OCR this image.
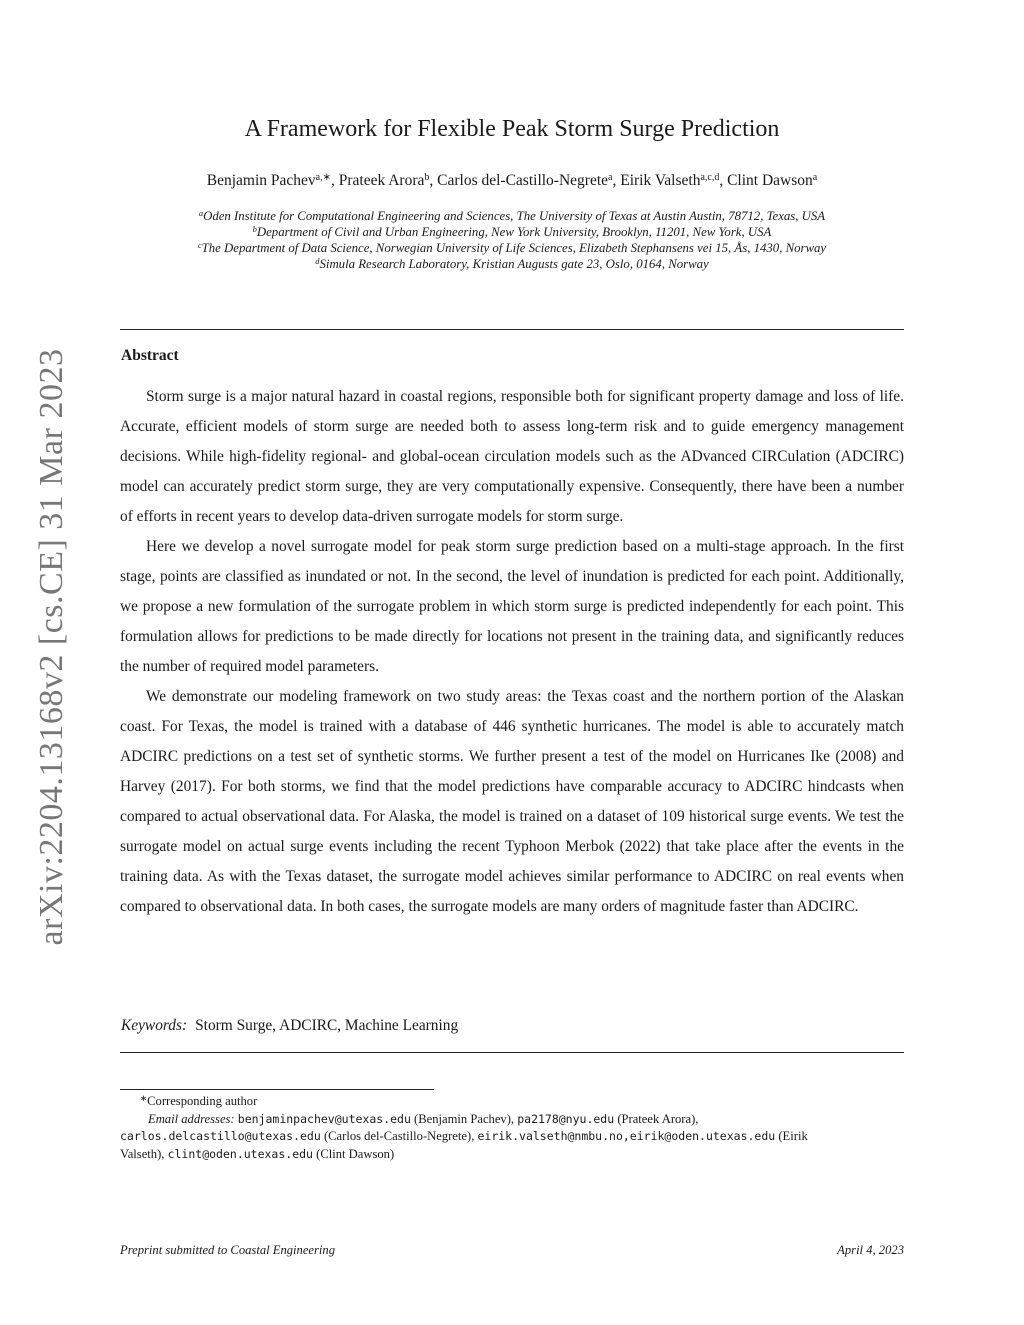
arXiv:2204.13168v2 [cs.CE] 31 Mar 2023
A Framework for Flexible Peak Storm Surge Prediction
Benjamin Pachev$^{a,∗}$, Prateek Arora$^b$, Carlos del-Castillo-Negrete$^a$, Eirik Valseth$^{a,c,d}$, Clint Dawson$^a$
$^a$Oden Institute for Computational Engineering and Sciences, The University of Texas at Austin Austin, 78712, Texas, USA
$^b$Department of Civil and Urban Engineering, New York University, Brooklyn, 11201, New York, USA
$^c$The Department of Data Science, Norwegian University of Life Sciences, Elizabeth Stephansens vei 15, Ås, 1430, Norway
$^d$Simula Research Laboratory, Kristian Augusts gate 23, Oslo, 0164, Norway
Abstract

Storm surge is a major natural hazard in coastal regions, responsible both for significant property damage and loss of life. Accurate, efficient models of storm surge are needed both to assess long-term risk and to guide emergency management decisions. While high-fidelity regional- and global-ocean circulation models such as the ADvanced CIRCulation (ADCIRC) model can accurately predict storm surge, they are very computationally expensive. Consequently, there have been a number of efforts in recent years to develop data-driven surrogate models for storm surge.

Here we develop a novel surrogate model for peak storm surge prediction based on a multi-stage approach. In the first stage, points are classified as inundated or not. In the second, the level of inundation is predicted for each point. Additionally, we propose a new formulation of the surrogate problem in which storm surge is predicted independently for each point. This formulation allows for predictions to be made directly for locations not present in the training data, and significantly reduces the number of required model parameters.

We demonstrate our modeling framework on two study areas: the Texas coast and the northern portion of the Alaskan coast. For Texas, the model is trained with a database of 446 synthetic hurricanes. The model is able to accurately match ADCIRC predictions on a test set of synthetic storms. We further present a test of the model on Hurricanes Ike (2008) and Harvey (2017). For both storms, we find that the model predictions have comparable accuracy to ADCIRC hindcasts when compared to actual observational data. For Alaska, the model is trained on a dataset of 109 historical surge events. We test the surrogate model on actual surge events including the recent Typhoon Merbok (2022) that take place after the events in the training data. As with the Texas dataset, the surrogate model achieves similar performance to ADCIRC on real events when compared to observational data. In both cases, the surrogate models are many orders of magnitude faster than ADCIRC.

Keywords: Storm Surge, ADCIRC, Machine Learning
∗Corresponding author
Email addresses: benjaminpachev@utexas.edu (Benjamin Pachev), pa2178@nyu.edu (Prateek Arora),
carlos.delcastillo@utexas.edu (Carlos del-Castillo-Negrete), eirik.valseth@nmbu.no,eirik@oden.utexas.edu (Eirik
Valseth), clint@oden.utexas.edu (Clint Dawson)
Preprint submitted to Coastal Engineering	April 4, 2023
